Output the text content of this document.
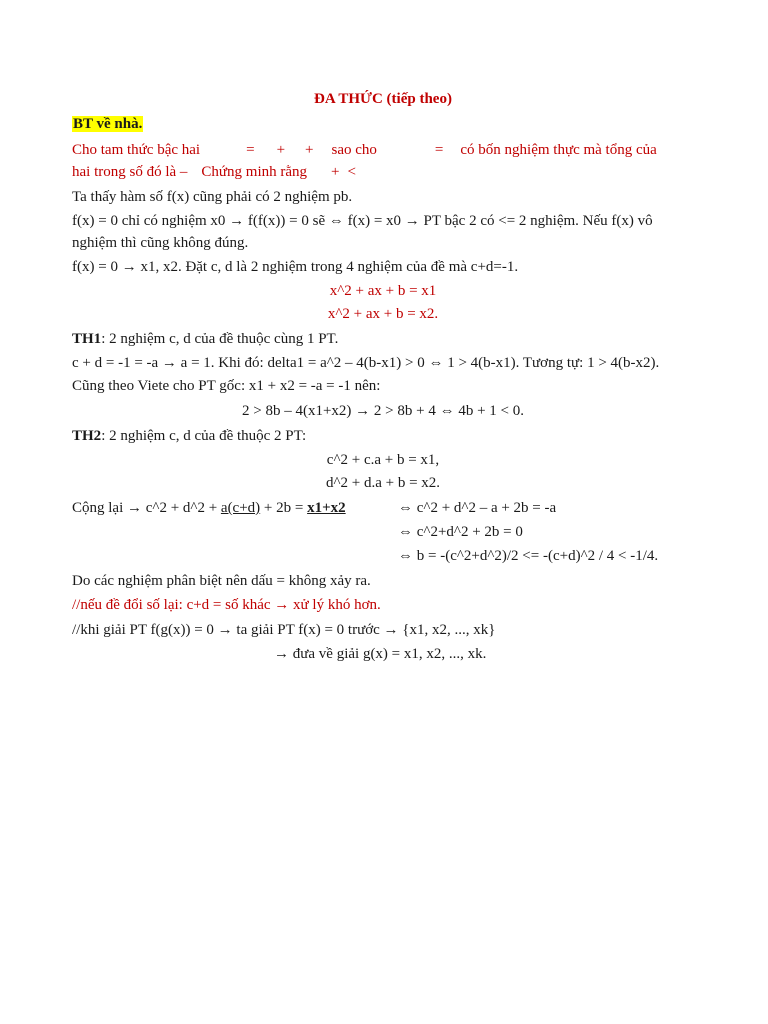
ĐA THỨC (tiếp theo)
BT về nhà.
Cho tam thức bậc hai	= + + sao cho	= có bốn nghiệm thực mà tổng của
hai trong số đó là – Chứng minh rằng + <
Ta thấy hàm số f(x) cũng phải có 2 nghiệm pb.
f(x) = 0 chỉ có nghiệm x0 → f(f(x)) = 0 sẽ ⇔ f(x) = x0 → PT bậc 2 có <= 2 nghiệm. Nếu f(x) vô
nghiệm thì cũng không đúng.
f(x) = 0 → x1, x2. Đặt c, d là 2 nghiệm trong 4 nghiệm của đề mà c+d=-1.
x^2 + ax + b = x1
x^2 + ax + b = x2.
TH1: 2 nghiệm c, d của đề thuộc cùng 1 PT.
c + d = -1 = -a → a = 1. Khi đó: delta1 = a^2 – 4(b-x1) > 0 ⇔ 1 > 4(b-x1). Tương tự: 1 > 4(b-x2).
Cũng theo Viete cho PT gốc: x1 + x2 = -a = -1 nên:
2 > 8b – 4(x1+x2) → 2 > 8b + 4 ⇔ 4b + 1 < 0.
TH2: 2 nghiệm c, d của đề thuộc 2 PT:
c^2 + c.a + b = x1,
d^2 + d.a + b = x2.
Cộng lại → c^2 + d^2 + a(c+d) + 2b = x1+x2	⇔ c^2 + d^2 – a + 2b = -a
⇔ c^2+d^2 + 2b = 0
⇔ b = -(c^2+d^2)/2 <= -(c+d)^2 / 4 < -1/4.
Do các nghiệm phân biệt nên dấu = không xảy ra.
//nếu đề đổi số lại: c+d = số khác → xử lý khó hơn.
//khi giải PT f(g(x)) = 0 → ta giải PT f(x) = 0 trước → {x1, x2, ..., xk}
→ đưa về giải g(x) = x1, x2, ..., xk.
